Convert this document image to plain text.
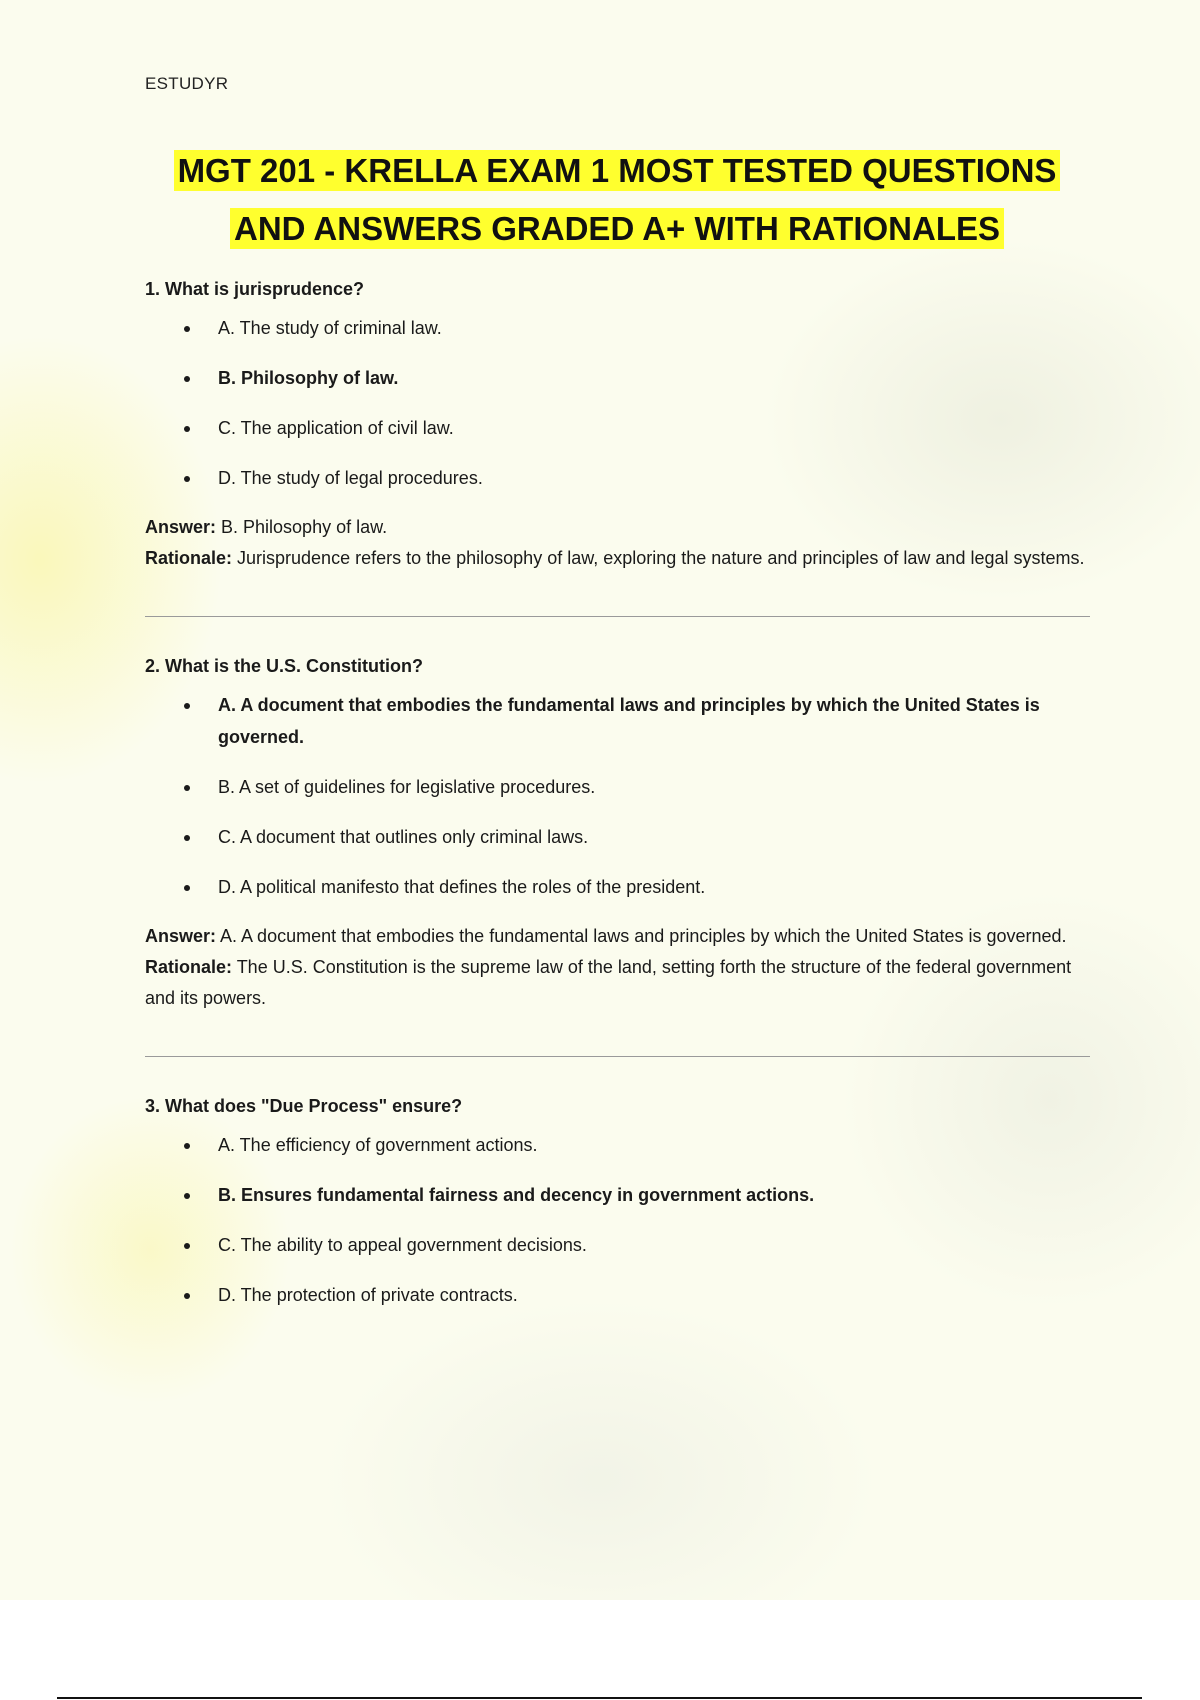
ESTUDYR
MGT 201 - KRELLA EXAM 1 MOST TESTED QUESTIONS
AND ANSWERS GRADED A+ WITH RATIONALES

1. What is jurisprudence?

A. The study of criminal law.
B. Philosophy of law.
C. The application of civil law.
D. The study of legal procedures.

Answer: B. Philosophy of law.

Rationale: Jurisprudence refers to the philosophy of law, exploring the nature and principles of law and legal systems.

2. What is the U.S. Constitution?

A. A document that embodies the fundamental laws and principles by which the United States is governed.
B. A set of guidelines for legislative procedures.
C. A document that outlines only criminal laws.
D. A political manifesto that defines the roles of the president.

Answer: A. A document that embodies the fundamental laws and principles by which the United States is governed.

Rationale: The U.S. Constitution is the supreme law of the land, setting forth the structure of the federal government and its powers.

3. What does "Due Process" ensure?

A. The efficiency of government actions.
B. Ensures fundamental fairness and decency in government actions.
C. The ability to appeal government decisions.
D. The protection of private contracts.
